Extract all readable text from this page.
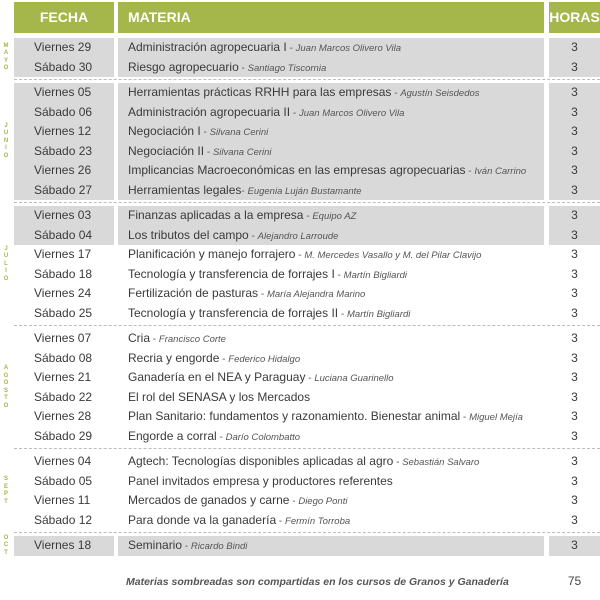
FECHA	MATERIA	HORAS
Viernes 29	Administración agropecuaria I - Juan Marcos Olivero Vila	3
Sábado 30	Riesgo agropecuario - Santiago Tiscornia	3
M
A
Y
O
Viernes 05	Herramientas prácticas RRHH para las empresas - Agustín Seisdedos	3
Sábado 06	Administración agropecuaria II - Juan Marcos Olivero Vila	3
Viernes 12	Negociación I - Silvana Cerini	3
Sábado 23	Negociación II - Silvana Cerini	3
Viernes 26	Implicancias Macroeconómicas en las empresas agropecuarias - Iván Carrino	3
Sábado 27	Herramientas legales- Eugenia Luján Bustamante	3
J
U
N
I
O
Viernes 03	Finanzas aplicadas a la empresa - Equipo AZ	3
Sábado 04	Los tributos del campo - Alejandro Larroude	3
Viernes 17	Planificación y manejo forrajero - M. Mercedes Vasallo y M. del Pilar Clavijo	3
Sábado 18	Tecnología y transferencia de forrajes I - Martín Bigliardi	3
Viernes 24	Fertilización de pasturas - María Alejandra Marino	3
Sábado 25	Tecnología y transferencia de forrajes II - Martín Bigliardi	3
J
U
L
I
O
Viernes 07	Cria - Francisco Corte	3
Sábado 08	Recria y engorde - Federico Hidalgo	3
Viernes 21	Ganadería en el NEA y Paraguay - Luciana Guarinello	3
Sábado 22	El rol del SENASA y los Mercados	3
Viernes 28	Plan Sanitario: fundamentos y razonamiento. Bienestar animal - Miguel Mejía	3
Sábado 29	Engorde a corral - Darío Colombatto	3
A
G
O
S
T
O
Viernes 04	Agtech: Tecnologías disponibles aplicadas al agro - Sebastián Salvaro	3
Sábado 05	Panel invitados empresa y productores referentes	3
Viernes 11	Mercados de ganados y carne - Diego Ponti	3
Sábado 12	Para donde va la ganadería - Fermín Torroba	3
S
E
P
T
Viernes 18	Seminario - Ricardo Bindi	3
O
C
T
Materias sombreadas son compartidas en los cursos de Granos y Ganadería	75
